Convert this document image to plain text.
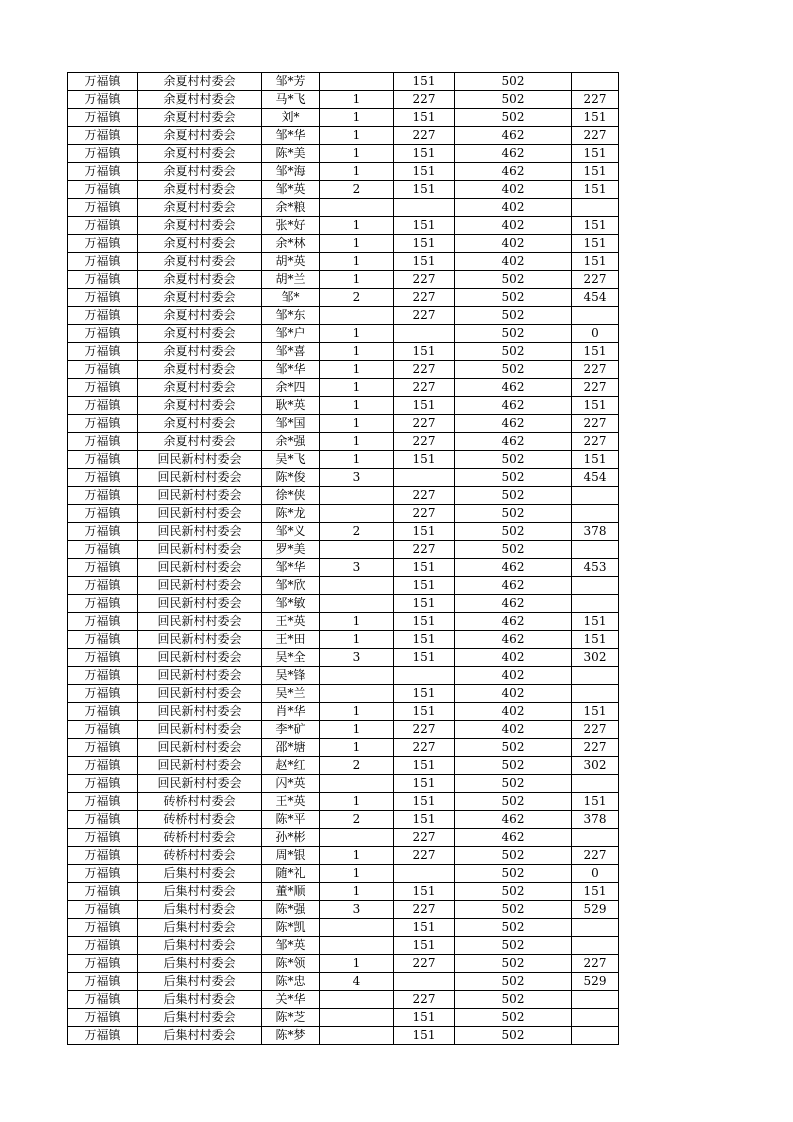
万福镇	余夏村村委会	邹*芳		151	502	
万福镇	余夏村村委会	马*飞	1	227	502	227
万福镇	余夏村村委会	刘*	1	151	502	151
万福镇	余夏村村委会	邹*华	1	227	462	227
万福镇	余夏村村委会	陈*美	1	151	462	151
万福镇	余夏村村委会	邹*海	1	151	462	151
万福镇	余夏村村委会	邹*英	2	151	402	151
万福镇	余夏村村委会	余*粮			402	
万福镇	余夏村村委会	张*好	1	151	402	151
万福镇	余夏村村委会	余*林	1	151	402	151
万福镇	余夏村村委会	胡*英	1	151	402	151
万福镇	余夏村村委会	胡*兰	1	227	502	227
万福镇	余夏村村委会	邹*	2	227	502	454
万福镇	余夏村村委会	邹*东		227	502	
万福镇	余夏村村委会	邹*户	1		502	0
万福镇	余夏村村委会	邹*喜	1	151	502	151
万福镇	余夏村村委会	邹*华	1	227	502	227
万福镇	余夏村村委会	余*四	1	227	462	227
万福镇	余夏村村委会	耿*英	1	151	462	151
万福镇	余夏村村委会	邹*国	1	227	462	227
万福镇	余夏村村委会	余*强	1	227	462	227
万福镇	回民新村村委会	吴*飞	1	151	502	151
万福镇	回民新村村委会	陈*俊	3		502	454
万福镇	回民新村村委会	徐*侠		227	502	
万福镇	回民新村村委会	陈*龙		227	502	
万福镇	回民新村村委会	邹*义	2	151	502	378
万福镇	回民新村村委会	罗*美		227	502	
万福镇	回民新村村委会	邹*华	3	151	462	453
万福镇	回民新村村委会	邹*欣		151	462	
万福镇	回民新村村委会	邹*敏		151	462	
万福镇	回民新村村委会	王*英	1	151	462	151
万福镇	回民新村村委会	王*田	1	151	462	151
万福镇	回民新村村委会	吴*全	3	151	402	302
万福镇	回民新村村委会	吴*锋			402	
万福镇	回民新村村委会	吴*兰		151	402	
万福镇	回民新村村委会	肖*华	1	151	402	151
万福镇	回民新村村委会	李*矿	1	227	402	227
万福镇	回民新村村委会	邵*塘	1	227	502	227
万福镇	回民新村村委会	赵*红	2	151	502	302
万福镇	回民新村村委会	闪*英		151	502	
万福镇	砖桥村村委会	王*英	1	151	502	151
万福镇	砖桥村村委会	陈*平	2	151	462	378
万福镇	砖桥村村委会	孙*彬		227	462	
万福镇	砖桥村村委会	周*银	1	227	502	227
万福镇	后集村村委会	随*礼	1		502	0
万福镇	后集村村委会	董*顺	1	151	502	151
万福镇	后集村村委会	陈*强	3	227	502	529
万福镇	后集村村委会	陈*凯		151	502	
万福镇	后集村村委会	邹*英		151	502	
万福镇	后集村村委会	陈*领	1	227	502	227
万福镇	后集村村委会	陈*忠	4		502	529
万福镇	后集村村委会	关*华		227	502	
万福镇	后集村村委会	陈*芝		151	502	
万福镇	后集村村委会	陈*梦		151	502	
